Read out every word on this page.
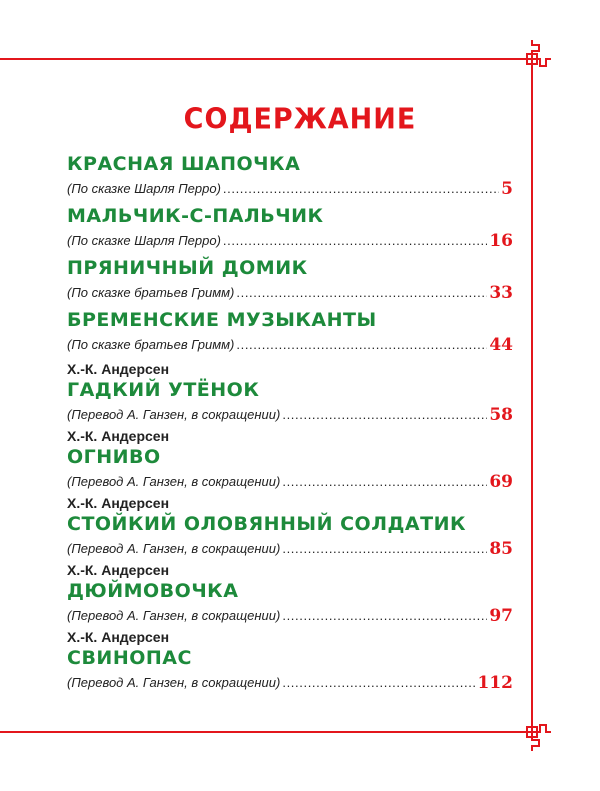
СОДЕРЖАНИЕ
КРАСНАЯ ШАПОЧКА
(По сказке Шарля Перро) . . .	5
МАЛЬЧИК-С-ПАЛЬЧИК
(По сказке Шарля Перро) . . .	16
ПРЯНИЧНЫЙ ДОМИК
(По сказке братьев Гримм) . . .	33
БРЕМЕНСКИЕ МУЗЫКАНТЫ
(По сказке братьев Гримм) . . .	44
Х.-К. Андерсен
ГАДКИЙ УТЁНОК
(Перевод А. Ганзен, в сокращении) . . .	58
Х.-К. Андерсен
ОГНИВО
(Перевод А. Ганзен, в сокращении) . . .	69
Х.-К. Андерсен
СТОЙКИЙ ОЛОВЯННЫЙ СОЛДАТИК
(Перевод А. Ганзен, в сокращении) . . .	85
Х.-К. Андерсен
ДЮЙМОВОЧКА
(Перевод А. Ганзен, в сокращении) . . .	97
Х.-К. Андерсен
СВИНОПАС
(Перевод А. Ганзен, в сокращении) . . .	112
